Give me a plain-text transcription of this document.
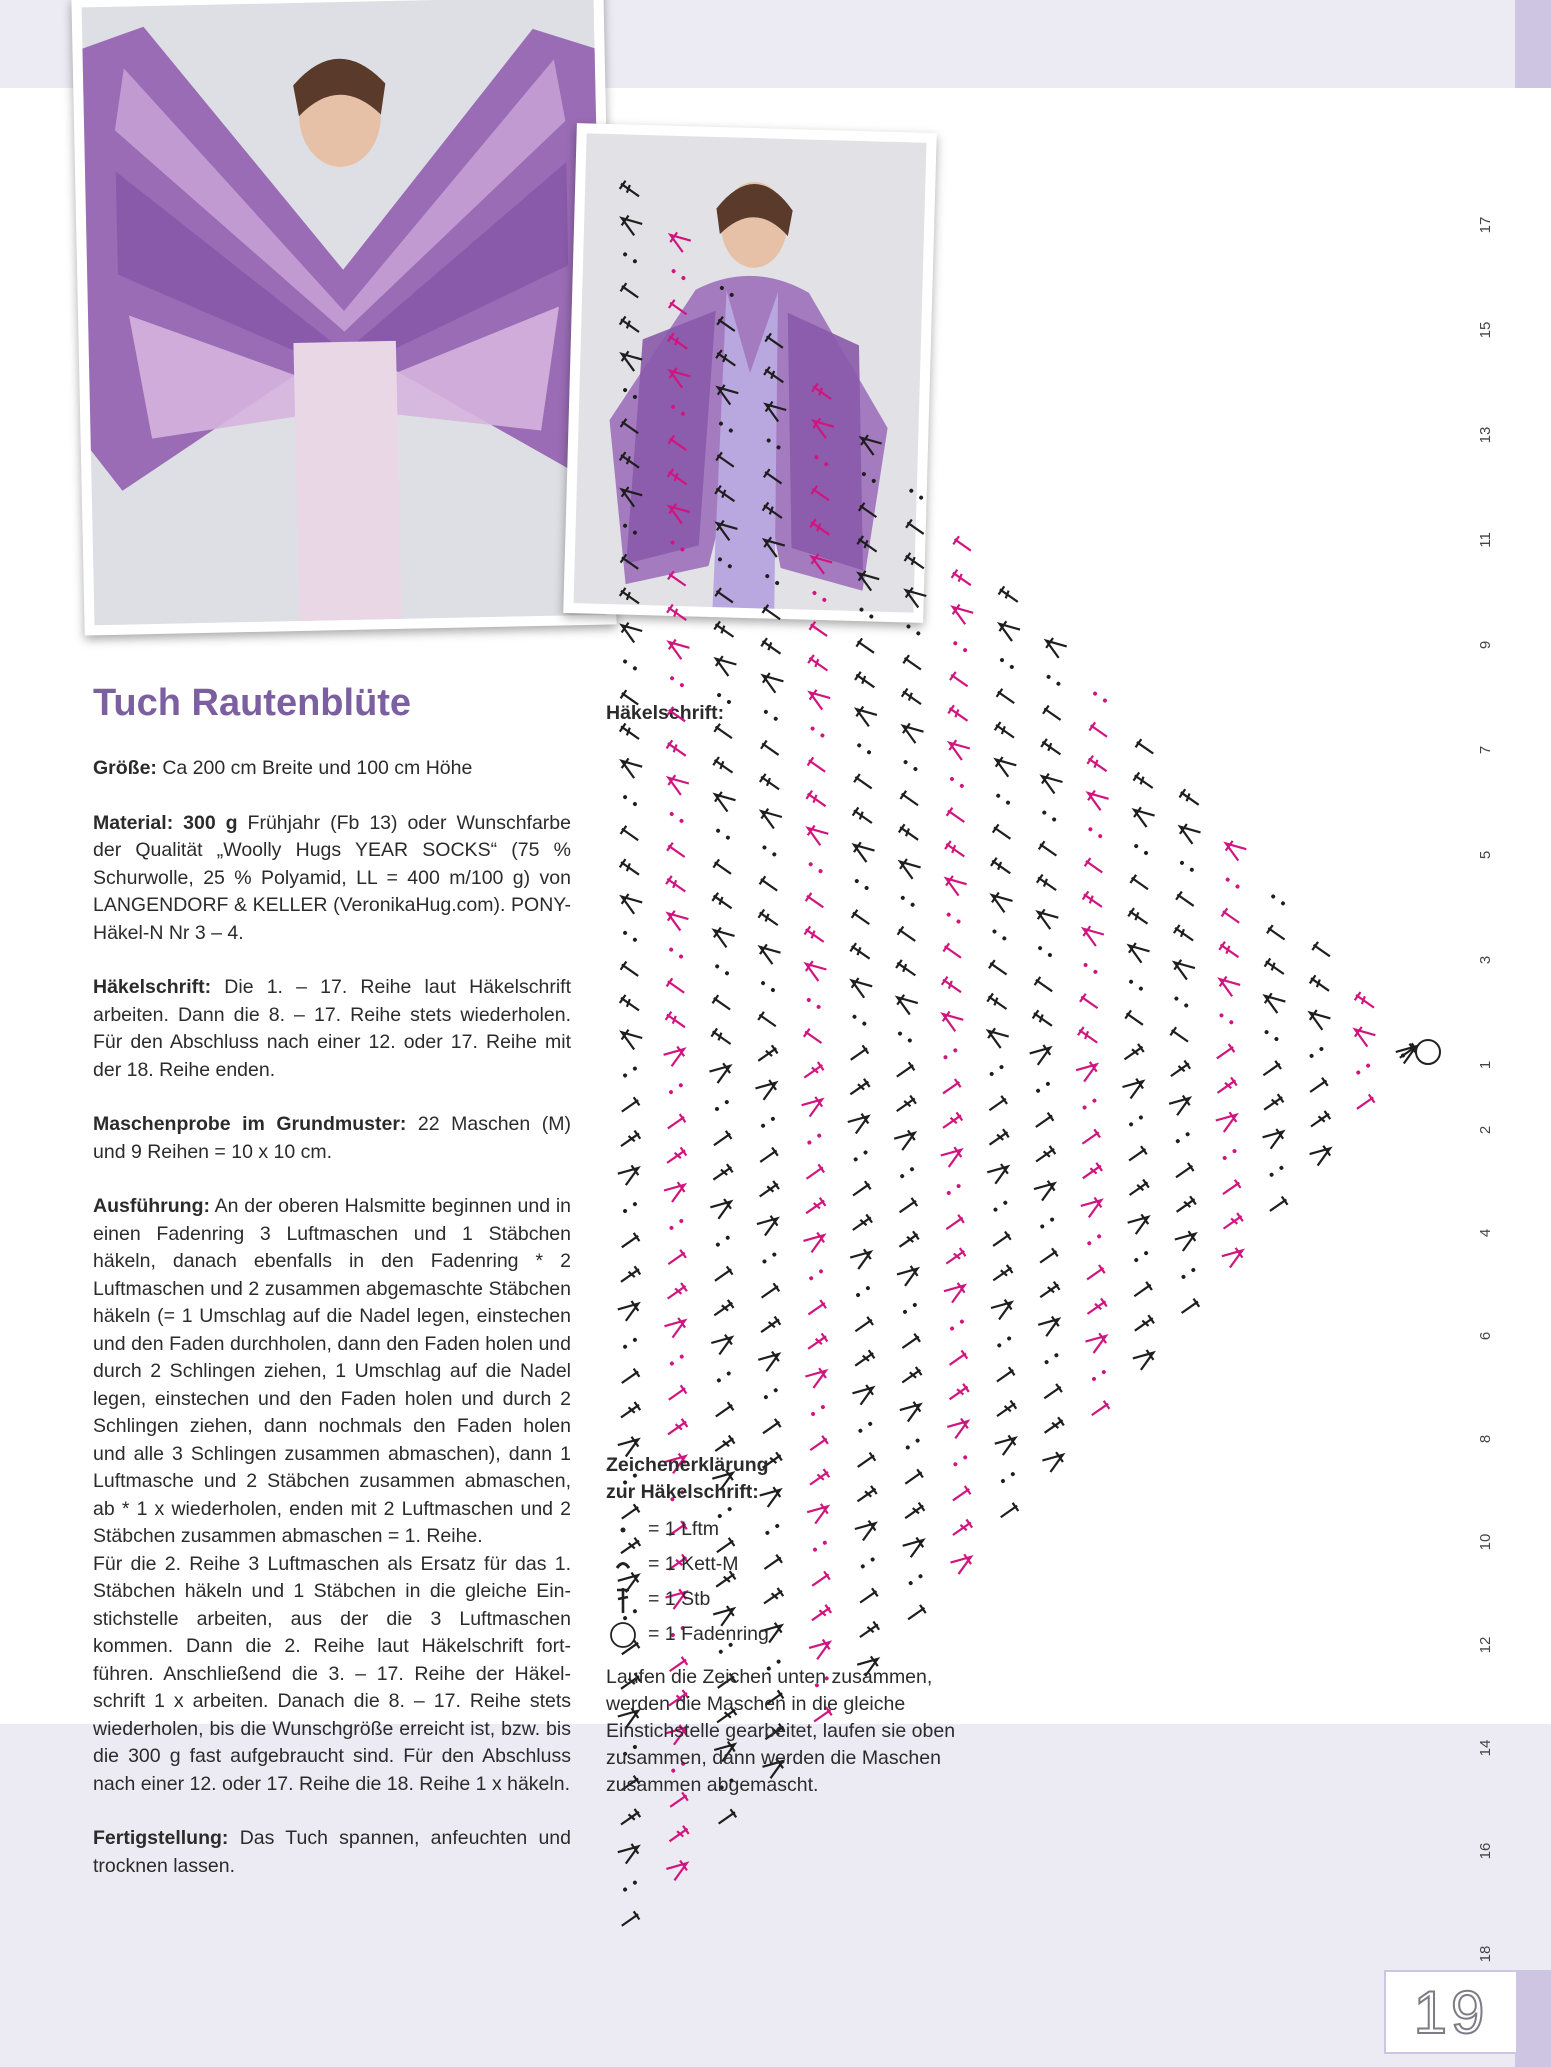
Tuch Rautenblüte

Größe: Ca 200 cm Breite und 100 cm Höhe

Material: 300 g Frühjahr (Fb 13) oder Wunschfarbe der Qualität „Woolly Hugs YEAR SOCKS“ (75 % Schurwolle, 25 % Polyamid, LL = 400 m/100 g) von LANGENDORF & KELLER (VeronikaHug.com). PONY-Häkel-N Nr 3 – 4.

Häkelschrift: Die 1. – 17. Reihe laut Häkelschrift arbeiten. Dann die 8. – 17. Reihe stets wiederholen. Für den Abschluss nach einer 12. oder 17. Reihe mit der 18. Reihe enden.

Maschenprobe im Grundmuster: 22 Maschen (M) und 9 Reihen = 10 x 10 cm.

Ausführung: An der oberen Halsmitte beginnen und in einen Fadenring 3 Luftmaschen und 1 Stäbchen häkeln, danach ebenfalls in den Fadenring * 2 Luftmaschen und 2 zusammen abgemaschte Stäbchen häkeln (= 1 Umschlag auf die Nadel legen, einstechen und den Faden durchholen, dann den Faden holen und durch 2 Schlingen ziehen, 1 Umschlag auf die Nadel legen, einstechen und den Faden holen und durch 2 Schlingen ziehen, dann nochmals den Faden holen und alle 3 Schlingen zusammen abmaschen), dann 1 Luftmasche und 2 Stäbchen zusammen abmaschen, ab * 1 x wiederholen, enden mit 2 Luftmaschen und 2 Stäbchen zusammen abmaschen = 1. Reihe.

Für die 2. Reihe 3 Luftmaschen als Ersatz für das 1. Stäbchen häkeln und 1 Stäbchen in die gleiche Einstichstelle arbeiten, aus der die 3 Luftmaschen kommen. Dann die 2. Reihe laut Häkelschrift fortführen. Anschließend die 3. – 17. Reihe der Häkelschrift 1 x arbeiten. Danach die 8. – 17. Reihe stets wiederholen, bis die Wunschgröße erreicht ist, bzw. bis die 300 g fast aufgebraucht sind. Für den Abschluss nach einer 12. oder 17. Reihe die 18. Reihe 1 x häkeln.

Fertigstellung: Das Tuch spannen, anfeuchten und trocknen lassen.

Häkelschrift:
17
15
13
11
9
7
5
3
1
2
4
6
8
10
12
14
16
18
Zeichenerklärung
zur Häkelschrift:
= 1 Lftm
= 1 Kett-M
= 1 Stb
= 1 Fadenring
Laufen die Zeichen unten zusammen, werden die Maschen in die gleiche Einstichstelle gearbeitet, laufen sie oben zusammen, dann werden die Maschen zusammen abgemascht.
19
